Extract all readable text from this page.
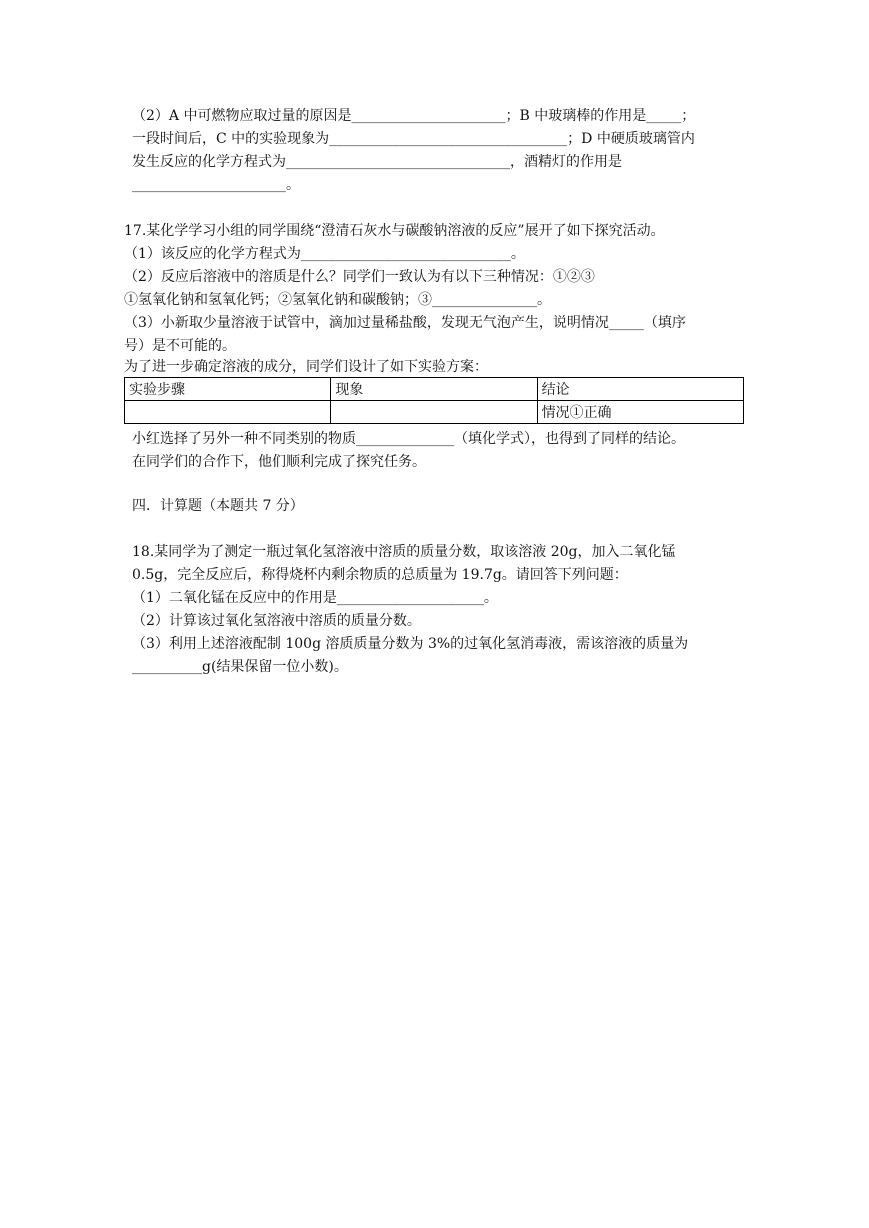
（2）A 中可燃物应取过量的原因是______________________；B 中玻璃棒的作用是_____；
一段时间后，C 中的实验现象为__________________________________；D 中硬质玻璃管内
发生反应的化学方程式为________________________________，酒精灯的作用是
______________________。
17.某化学学习小组的同学围绕“澄清石灰水与碳酸钠溶液的反应”展开了如下探究活动。
（1）该反应的化学方程式为______________________________。
（2）反应后溶液中的溶质是什么？同学们一致认为有以下三种情况：①②③
①氢氧化钠和氢氧化钙；②氢氧化钠和碳酸钠；③_______________。
（3）小新取少量溶液于试管中，滴加过量稀盐酸，发现无气泡产生，说明情况_____（填序
号）是不可能的。
为了进一步确定溶液的成分，同学们设计了如下实验方案：
实验步骤	现象	结论
		情况①正确
小红选择了另外一种不同类别的物质______________（填化学式），也得到了同样的结论。
在同学们的合作下，他们顺利完成了探究任务。
四．计算题（本题共 7 分）
18.某同学为了测定一瓶过氧化氢溶液中溶质的质量分数，取该溶液 20g，加入二氧化锰
0.5g，完全反应后，称得烧杯内剩余物质的总质量为 19.7g。请回答下列问题：
（1）二氧化锰在反应中的作用是_____________________。
（2）计算该过氧化氢溶液中溶质的质量分数。
（3）利用上述溶液配制 100g 溶质质量分数为 3%的过氧化氢消毒液，需该溶液的质量为
__________g(结果保留一位小数)。
